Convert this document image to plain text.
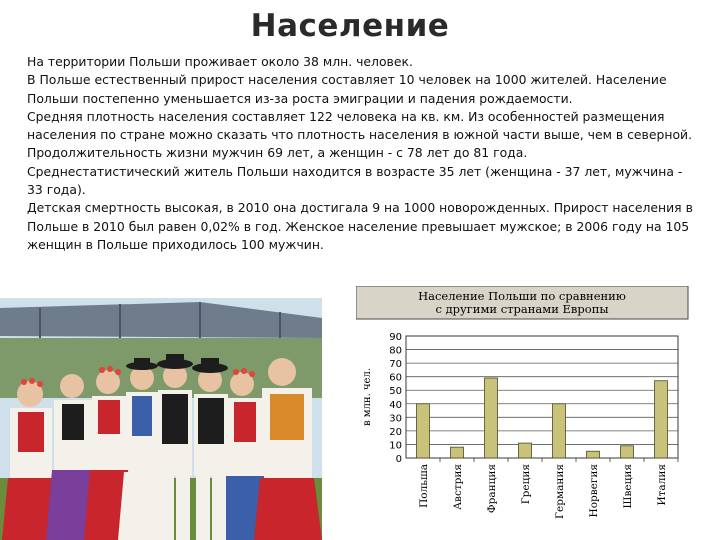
Население

На территории Польши проживает около 38 млн. человек.

В Польше естественный прирост населения составляет 10 человек на 1000 жителей. Население Польши постепенно уменьшается из-за роста эмиграции и падения рождаемости.

Средняя плотность населения составляет 122 человека на кв. км. Из особенностей размещения населения по стране можно сказать что плотность населения в южной части выше, чем в северной.

Продолжительность жизни мужчин 69 лет, а женщин - с 78 лет до 81 года.

Среднестатистический житель Польши находится в возрасте 35 лет (женщина - 37 лет, мужчина - 33 года).

Детская смертность высокая, в 2010 она достигала 9 на 1000 новорожденных. Прирост населения в Польше в 2010 был равен 0,02% в год. Женское население превышает мужское; в 2006 году на 105 женщин в Польше приходилось 100 мужчин.

Население Польши по сравнению
с другими странами Европы
в млн. чел.
0
10
20
30
40
50
60
70
80
90
Польша Австрия Франция Греция Германия Норвегия Швеция Италия
